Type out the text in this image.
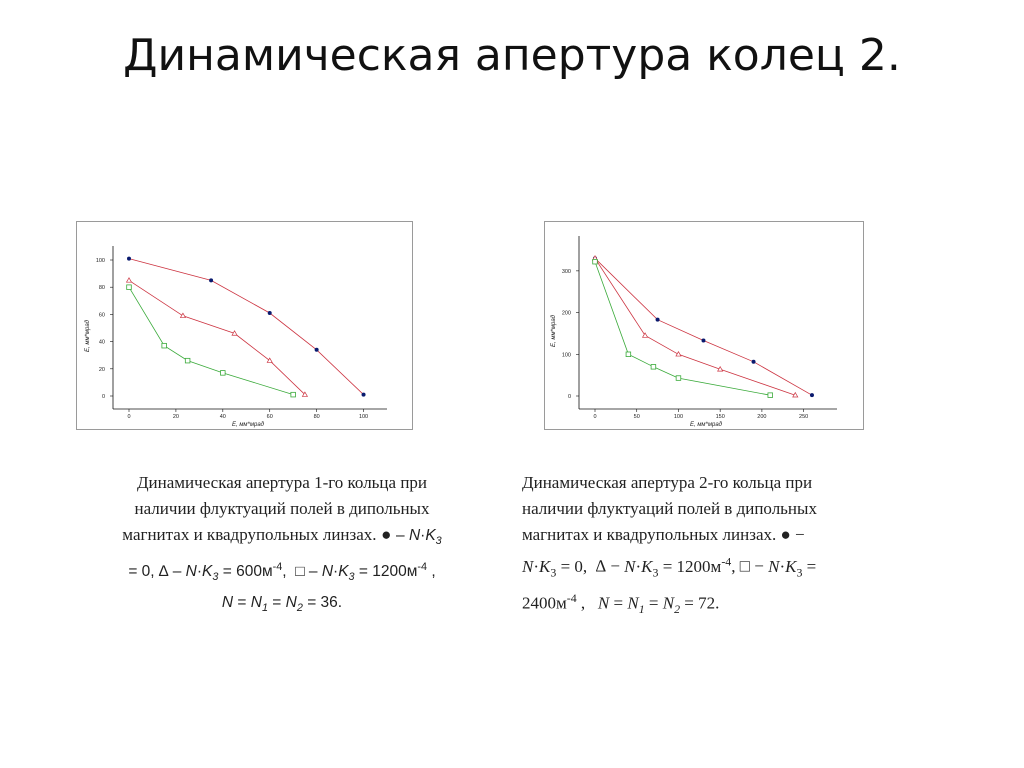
Динамическая апертура колец 2.
0
20
40
60
80
100
0	20	40	60	80	100
E, мм*мрад
E, мм*мрад
0
100
200
300
0	50	100	150	200	250
E, мм*мрад
E, мм*мрад
Динамическая апертура 1-го кольца при
наличии флуктуаций полей в дипольных
магнитах и квадрупольных линзах. ● – $N\cdot K_3$
= 0, ∆ – $N\cdot K_3 = 600м^{-4}$, □ – $N\cdot K_3 = 1200м^{-4}$ ,
$N = N_1 = N_2 = 36$.
Динамическая апертура 2-го кольца при
наличии флуктуаций полей в дипольных
магнитах и квадрупольных линзах. ● −
$N\cdot K_3 = 0$, ∆ − $N\cdot K_3 = 1200м^{-4}$, □ − $N\cdot K_3$ =
$2400м^{-4}$ ,   $N = N_1 = N_2 = 72$.
